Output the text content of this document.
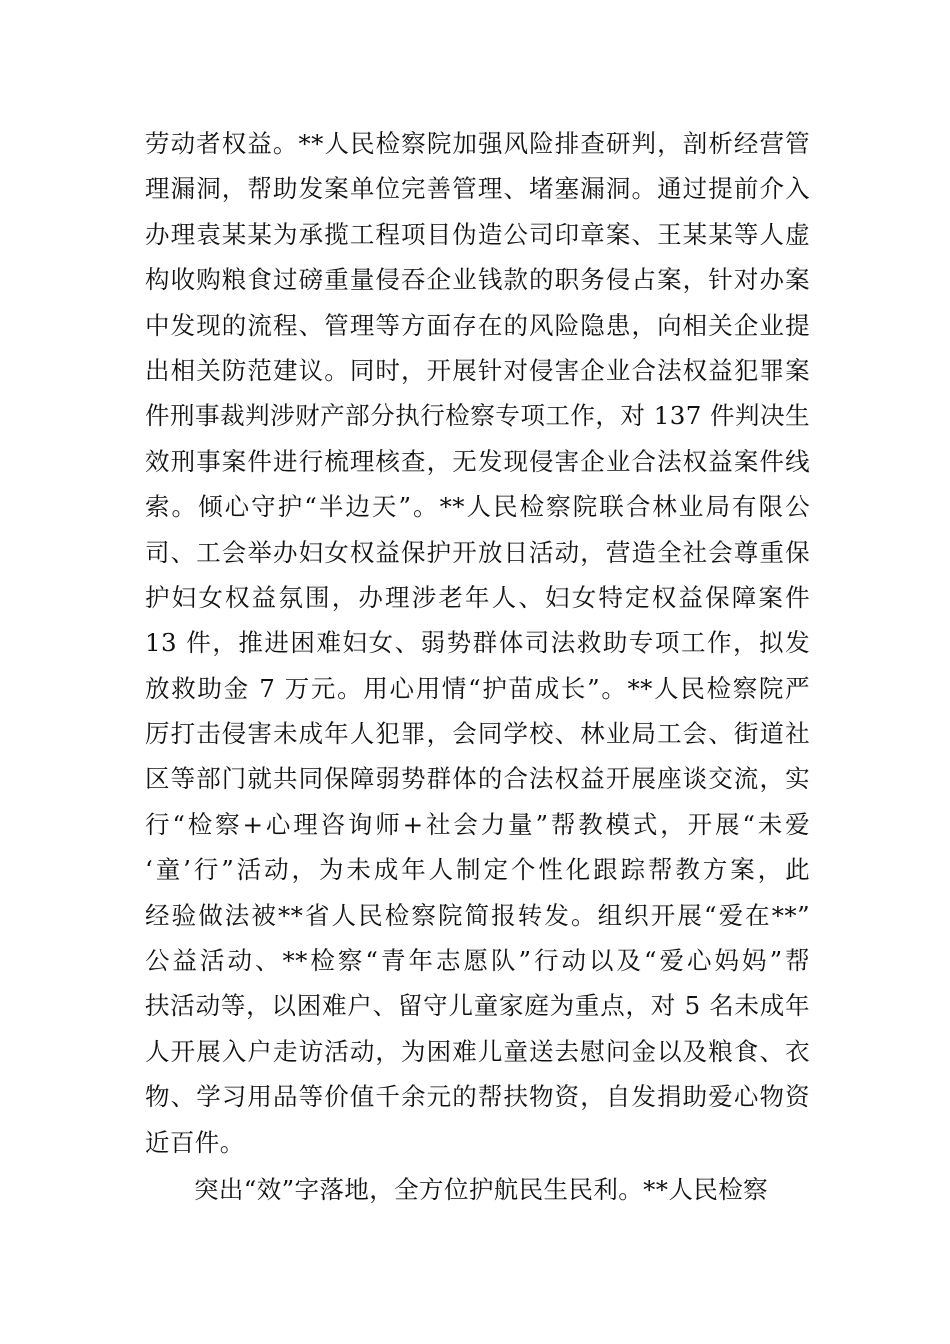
劳动者权益。**人民检察院加强风险排查研判，剖析经营管
理漏洞，帮助发案单位完善管理、堵塞漏洞。通过提前介入
办理袁某某为承揽工程项目伪造公司印章案、王某某等人虚
构收购粮食过磅重量侵吞企业钱款的职务侵占案，针对办案
中发现的流程、管理等方面存在的风险隐患，向相关企业提
出相关防范建议。同时，开展针对侵害企业合法权益犯罪案
件刑事裁判涉财产部分执行检察专项工作，对 137 件判决生
效刑事案件进行梳理核查，无发现侵害企业合法权益案件线
索。倾心守护“半边天”。**人民检察院联合林业局有限公
司、工会举办妇女权益保护开放日活动，营造全社会尊重保
护妇女权益氛围，办理涉老年人、妇女特定权益保障案件
13 件，推进困难妇女、弱势群体司法救助专项工作，拟发
放救助金 7 万元。用心用情“护苗成长”。**人民检察院严
厉打击侵害未成年人犯罪，会同学校、林业局工会、街道社
区等部门就共同保障弱势群体的合法权益开展座谈交流，实
行“检察+心理咨询师+社会力量”帮教模式，开展“未爱
‘童’行”活动，为未成年人制定个性化跟踪帮教方案，此
经验做法被**省人民检察院简报转发。组织开展“爱在**”
公益活动、**检察“青年志愿队”行动以及“爱心妈妈”帮
扶活动等，以困难户、留守儿童家庭为重点，对 5 名未成年
人开展入户走访活动，为困难儿童送去慰问金以及粮食、衣
物、学习用品等价值千余元的帮扶物资，自发捐助爱心物资
近百件。
突出“效”字落地，全方位护航民生民利。**人民检察
